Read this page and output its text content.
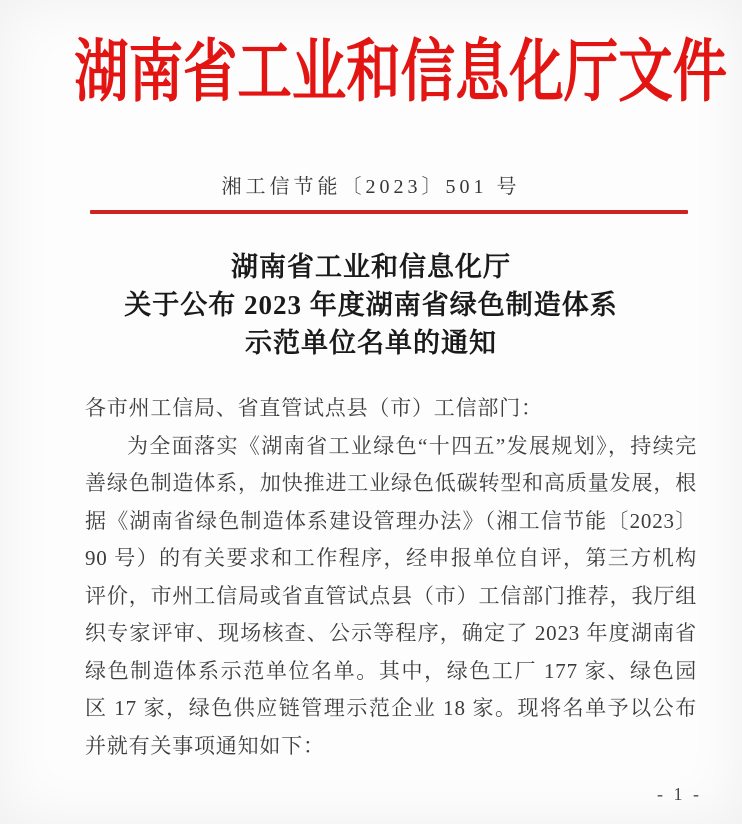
湖南省工业和信息化厅文件
湘工信节能〔2023〕501 号
湖南省工业和信息化厅
关于公布 2023 年度湖南省绿色制造体系
示范单位名单的通知
各市州工信局、省直管试点县（市）工信部门：
为全面落实《湖南省工业绿色“十四五”发展规划》，持续完善绿色制造体系，加快推进工业绿色低碳转型和高质量发展，根据《湖南省绿色制造体系建设管理办法》（湘工信节能〔2023〕90 号）的有关要求和工作程序，经申报单位自评，第三方机构评价，市州工信局或省直管试点县（市）工信部门推荐，我厅组织专家评审、现场核查、公示等程序，确定了 2023 年度湖南省绿色制造体系示范单位名单。其中，绿色工厂 177 家、绿色园区 17 家，绿色供应链管理示范企业 18 家。现将名单予以公布并就有关事项通知如下：
- 1 -
